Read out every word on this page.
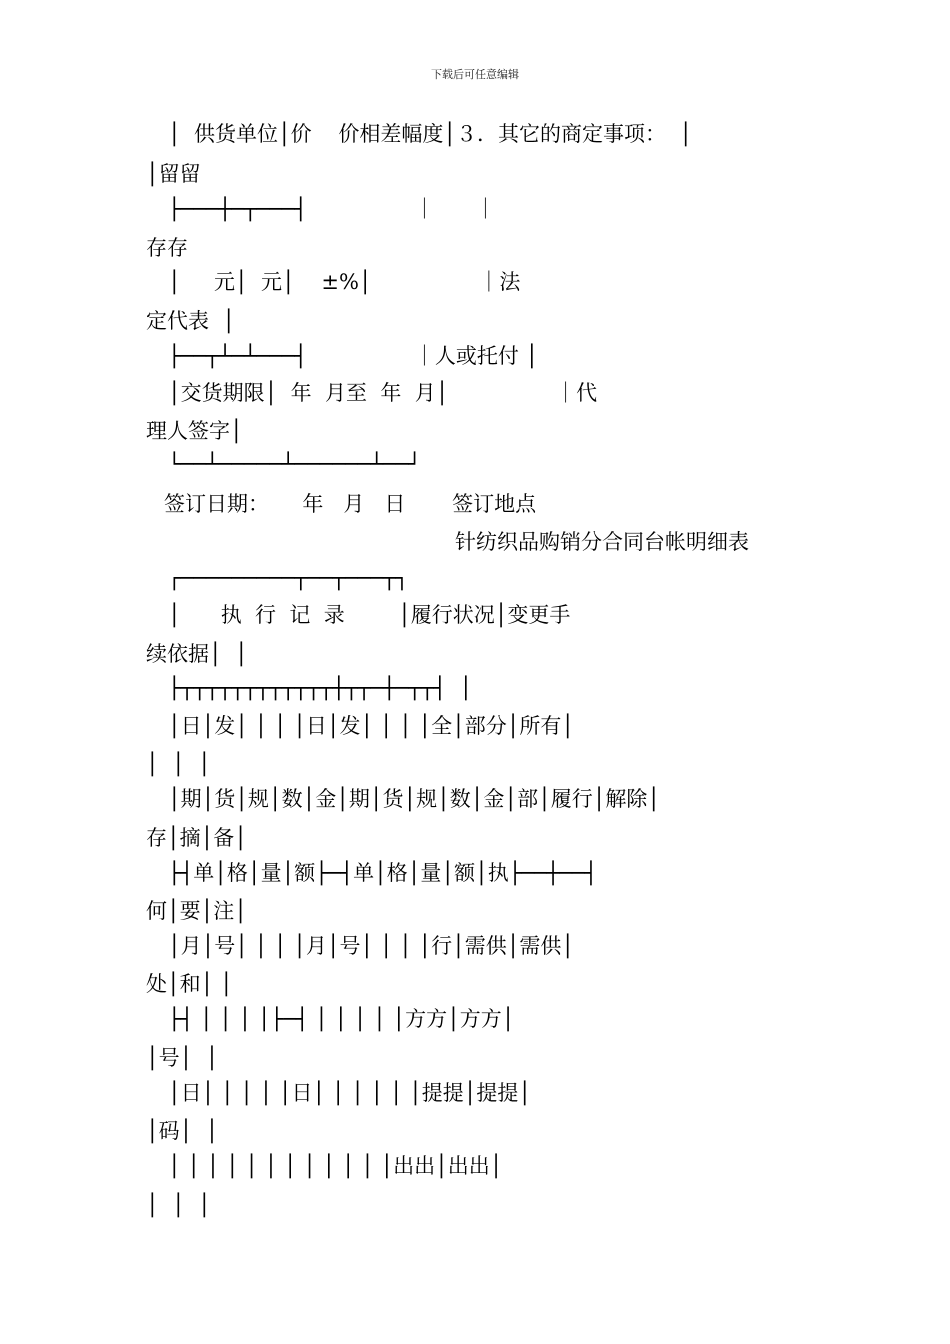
下载后可任意编辑
│  供货单位│价    价相差幅度│３．其它的商定事项：  │
│留留
├───┼─┬───┤                ｜      ｜
存存
│     元│  元│    ±%│                ｜法
定代表  │
├──┬┴─┴───┤                ｜人或托付 │
│交货期限│  年  月至  年  月│                ｜代
理人签字│
└──┴─────┴──────┴──┘
签订日期：     年   月   日       签订地点
针纺织品购销分合同台帐明细表
┌─────────┬──┬───┬┐
│      执  行  记  录        │履行状况│变更手
续依据│  │
├┬┬┬┬┬┬┬┬┬┬┬┬┼┬┬─┼─┬┬┤  │
│日│发│ │ │ │日│发│ │ │ │全│部分│所有│
│  │  │
│期│货│规│数│金│期│货│规│数│金│部│履行│解除│
存│摘│备│
├┤单│格│量│额├─┤单│格│量│额│执├──┼──┤
何│要│注│
│月│号│ │ │ │月│号│ │ │ │行│需供│需供│
处│和│ │
├┤ │ │ │ │├─┤ │ │ │ │ │方方│方方│
│号│  │
│日│ │ │ │ │日│ │ │ │ │ │提提│提提│
│码│  │
│ │ │ │ │ │ │ │ │ │ │ │出出│出出│
│  │  │
